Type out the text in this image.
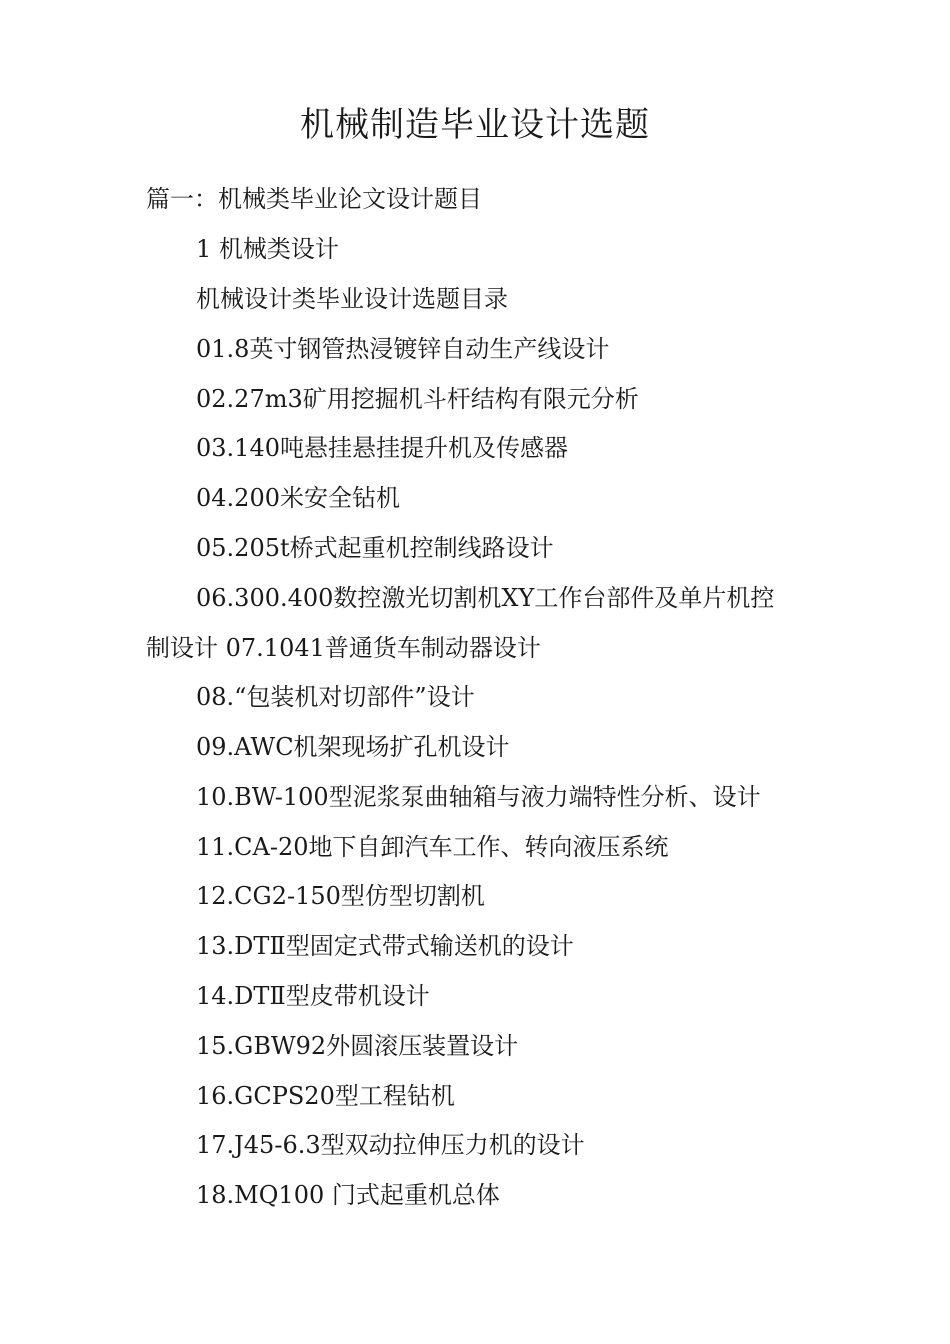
机械制造毕业设计选题

篇一：机械类毕业论文设计题目

1 机械类设计

机械设计类毕业设计选题目录

01.8英寸钢管热浸镀锌自动生产线设计

02.27m3矿用挖掘机斗杆结构有限元分析

03.140吨悬挂悬挂提升机及传感器

04.200米安全钻机

05.205t桥式起重机控制线路设计

06.300.400数控激光切割机XY工作台部件及单片机控

制设计 07.1041普通货车制动器设计

08.“包装机对切部件”设计

09.AWC机架现场扩孔机设计

10.BW-100型泥浆泵曲轴箱与液力端特性分析、设计

11.CA-20地下自卸汽车工作、转向液压系统

12.CG2-150型仿型切割机

13.DTⅡ型固定式带式输送机的设计

14.DTⅡ型皮带机设计

15.GBW92外圆滚压装置设计

16.GCPS20型工程钻机

17.J45-6.3型双动拉伸压力机的设计

18.MQ100 门式起重机总体
